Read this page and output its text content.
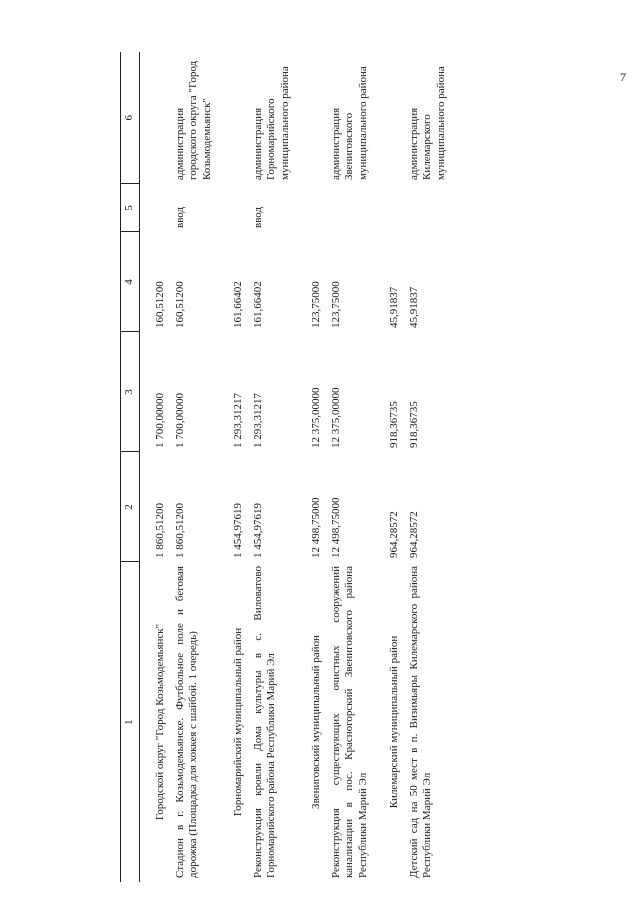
7
1	2	3	4	5	6
Городской округ "Город Козьмодемьянск"	1 860,51200	1 700,00000	160,51200		
Стадион в г. Козьмодемьянске. Футбольное поле и беговая дорожка (Площадка для хоккея с шайбой. 1 очередь)	1 860,51200	1 700,00000	160,51200	ввод	администрация городского округа "Город Козьмодемьянск"
Горномарийский муниципальный район	1 454,97619	1 293,31217	161,66402		
Реконструкция кровли Дома культуры в с. Виловатово Горномарийского района Республики Марий Эл	1 454,97619	1 293,31217	161,66402	ввод	администрация Горномарийского муниципального района
Звениговский муниципальный район	12 498,75000	12 375,00000	123,75000		
Реконструкция существующих очистных сооружений канализации в пос. Красногорский Звениговского района Республики Марий Эл	12 498,75000	12 375,00000	123,75000		администрация Звениговского муниципального района
Килемарский муниципальный район	964,28572	918,36735	45,91837		
Детский сад на 50 мест в п. Визимьяры Килемарского района Республики Марий Эл	964,28572	918,36735	45,91837		администрация Килемарского муниципального района
